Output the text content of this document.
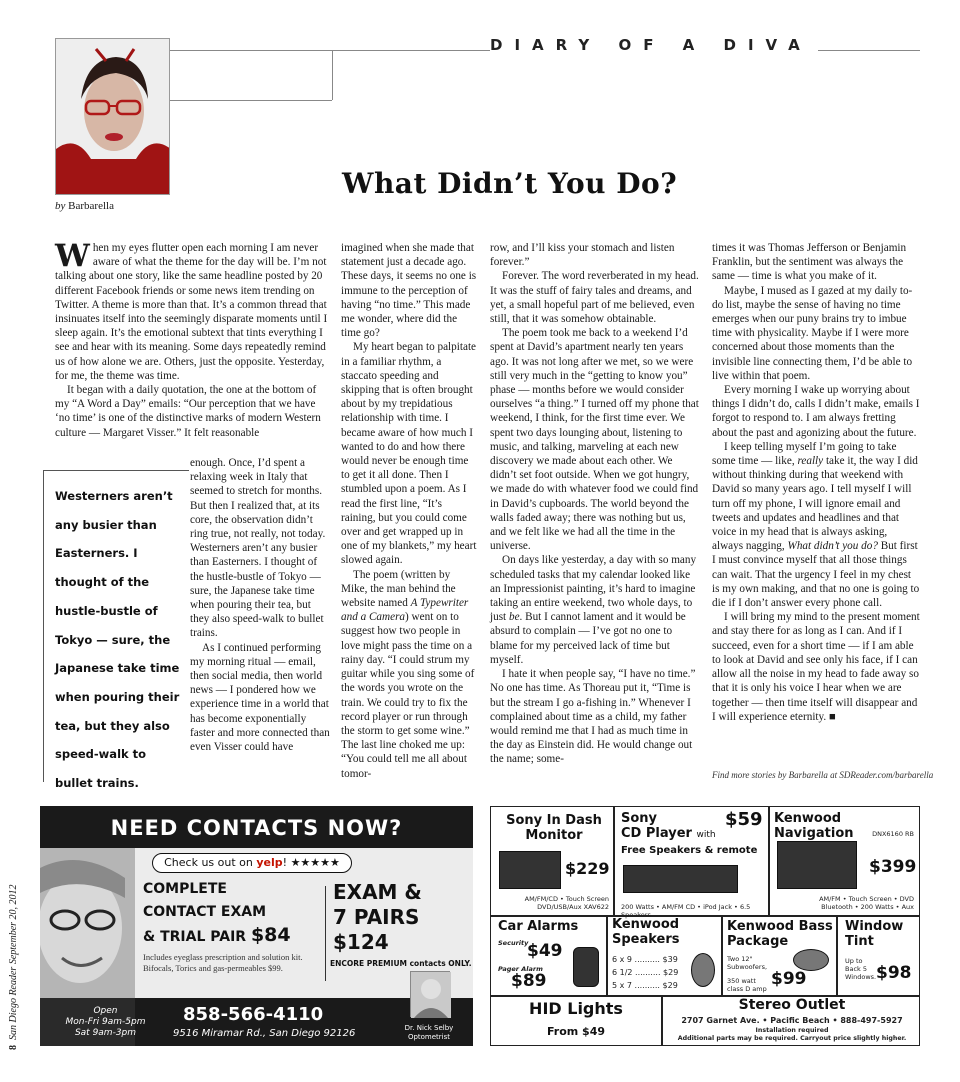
DIARY OF A DIVA
by Barbarella
What Didn’t You Do?

When my eyes flutter open each morning I am never aware of what the theme for the day will be. I’m not talking about one story, like the same headline posted by 20 different Facebook friends or some news item trending on Twitter. A theme is more than that. It’s a common thread that insinuates itself into the seemingly disparate moments until I sleep again. It’s the emotional subtext that tints everything I see and hear with its meaning. Some days repeatedly remind us of how alone we are. Others, just the opposite. Yesterday, for me, the theme was time.

It began with a daily quotation, the one at the bottom of my “A Word a Day” emails: “Our perception that we have ‘no time’ is one of the distinctive marks of modern Western culture — Margaret Visser.” It felt reasonable

enough. Once, I’d spent a relaxing week in Italy that seemed to stretch for months. But then I realized that, at its core, the observation didn’t ring true, not really, not today. Westerners aren’t any busier than Easterners. I thought of the hustle-bustle of Tokyo — sure, the Japanese take time when pouring their tea, but they also speed-walk to bullet trains.

As I continued performing my morning ritual — email, then social media, then world news — I pondered how we experience time in a world that has become exponentially faster and more connected than even Visser could have

Westerners aren’t any busier than Easterners. I thought of the hustle-bustle of Tokyo — sure, the Japanese take time when pouring their tea, but they also speed-walk to bullet trains.

imagined when she made that statement just a decade ago. These days, it seems no one is immune to the perception of having “no time.” This made me wonder, where did the time go?

My heart began to palpitate in a familiar rhythm, a staccato speeding and skipping that is often brought about by my trepidatious relationship with time. I became aware of how much I wanted to do and how there would never be enough time to get it all done. Then I stumbled upon a poem. As I read the first line, “It’s raining, but you could come over and get wrapped up in one of my blankets,” my heart slowed again.

The poem (written by Mike, the man behind the website named A Typewriter and a Camera) went on to suggest how two people in love might pass the time on a rainy day. “I could strum my guitar while you sing some of the words you wrote on the train. We could try to fix the record player or run through the storm to get some wine.” The last line choked me up: “You could tell me all about tomor-

row, and I’ll kiss your stomach and listen forever.”

Forever. The word reverberated in my head. It was the stuff of fairy tales and dreams, and yet, a small hopeful part of me believed, even still, that it was somehow obtainable.

The poem took me back to a weekend I’d spent at David’s apartment nearly ten years ago. It was not long after we met, so we were still very much in the “getting to know you” phase — months before we would consider ourselves “a thing.” I turned off my phone that weekend, I think, for the first time ever. We spent two days lounging about, listening to music, and talking, marveling at each new discovery we made about each other. We didn’t set foot outside. When we got hungry, we made do with whatever food we could find in David’s cupboards. The world beyond the walls faded away; there was nothing but us, and we felt like we had all the time in the universe.

On days like yesterday, a day with so many scheduled tasks that my calendar looked like an Impressionist painting, it’s hard to imagine taking an entire weekend, two whole days, to just be. But I cannot lament and it would be absurd to complain — I’ve got no one to blame for my perceived lack of time but myself.

I hate it when people say, “I have no time.” No one has time. As Thoreau put it, “Time is but the stream I go a-fishing in.” Whenever I complained about time as a child, my father would remind me that I had as much time in the day as Einstein did. He would change out the name; some-

times it was Thomas Jefferson or Benjamin Franklin, but the sentiment was always the same — time is what you make of it.

Maybe, I mused as I gazed at my daily to-do list, maybe the sense of having no time emerges when our puny brains try to imbue time with physicality. Maybe if I were more concerned about those moments than the invisible line connecting them, I’d be able to live within that poem.

Every morning I wake up worrying about things I didn’t do, calls I didn’t make, emails I forgot to respond to. I am always fretting about the past and agonizing about the future.

I keep telling myself I’m going to take some time — like, really take it, the way I did without thinking during that weekend with David so many years ago. I tell myself I will turn off my phone, I will ignore email and tweets and updates and headlines and that voice in my head that is always asking, always nagging, What didn’t you do? But first I must convince myself that all those things can wait. That the urgency I feel in my chest is my own making, and that no one is going to die if I don’t answer every phone call.

I will bring my mind to the present moment and stay there for as long as I can. And if I succeed, even for a short time — if I am able to look at David and see only his face, if I can allow all the noise in my head to fade away so that it is only his voice I hear when we are together — then time itself will disappear and I will experience eternity. ■

Find more stories by Barbarella at SDReader.com/barbarella
8  San Diego Reader September 20, 2012
NEED CONTACTS NOW?
Check us out on yelp! ★★★★★
COMPLETE
CONTACT EXAM
& TRIAL PAIR $84
Includes eyeglass prescription and solution kit. Bifocals, Torics and gas-permeables $99.
EXAM &
7 PAIRS
$124
ENCORE PREMIUM contacts ONLY.
Open
Mon-Fri 9am-5pm
Sat 9am-3pm
858-566-4110
9516 Miramar Rd., San Diego 92126	Dr. Nick Selby
Optometrist
Sony In Dash
Monitor
$229
AM/FM/CD • Touch Screen
DVD/USB/Aux XAV622
Sony
CD Player with
Free Speakers & remote
$59
200 Watts • AM/FM CD • iPod Jack • 6.5 Speakers
Kenwood Navigation	DNX6160 RB
$399
AM/FM • Touch Screen • DVD
Bluetooth • 200 Watts • Aux
Car Alarms
Security
$49
Pager Alarm
$89
Kenwood
Speakers
6 x 9 .......... $39
6 1/2 .......... $29
5 x 7 .......... $29
Kenwood Bass
Package
Two 12"
Subwoofers,
350 watt
class D amp $99
Window
Tint
Up to
Back 5
Windows. $98
HID Lights
From $49
Stereo Outlet
2707 Garnet Ave. • Pacific Beach • 888-497-5927
Installation required
Additional parts may be required. Carryout price slightly higher.
